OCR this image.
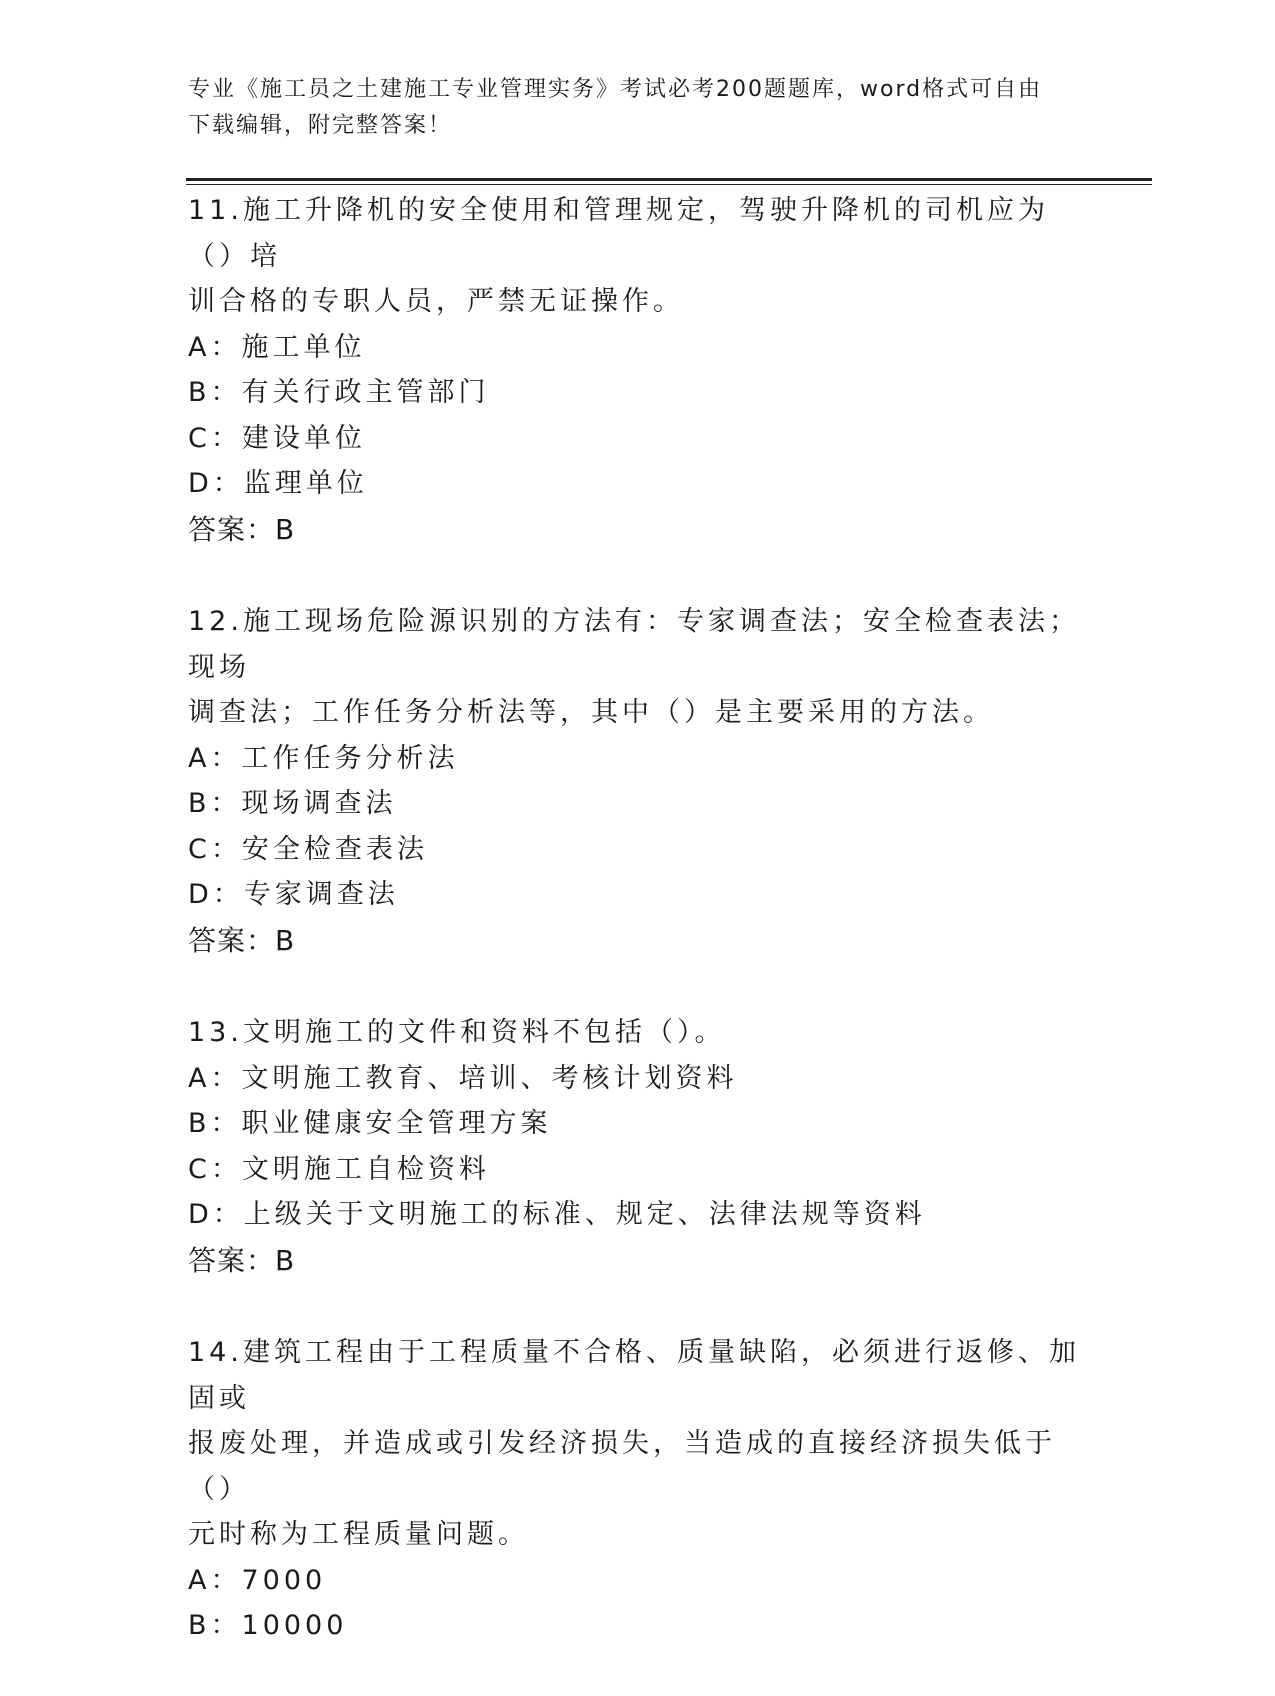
专业《施工员之土建施工专业管理实务》考试必考200题题库，word格式可自由
下载编辑，附完整答案！

11.施工升降机的安全使用和管理规定，驾驶升降机的司机应为（）培

训合格的专职人员，严禁无证操作。

A：施工单位

B：有关行政主管部门

C：建设单位

D：监理单位

答案：B

12.施工现场危险源识别的方法有：专家调查法；安全检查表法；现场

调查法；工作任务分析法等，其中（）是主要采用的方法。

A：工作任务分析法

B：现场调查法

C：安全检查表法

D：专家调查法

答案：B

13.文明施工的文件和资料不包括（）。

A：文明施工教育、培训、考核计划资料

B：职业健康安全管理方案

C：文明施工自检资料

D：上级关于文明施工的标准、规定、法律法规等资料

答案：B

14.建筑工程由于工程质量不合格、质量缺陷，必须进行返修、加固或

报废处理，并造成或引发经济损失，当造成的直接经济损失低于（）

元时称为工程质量问题。

A：7000

B：10000
